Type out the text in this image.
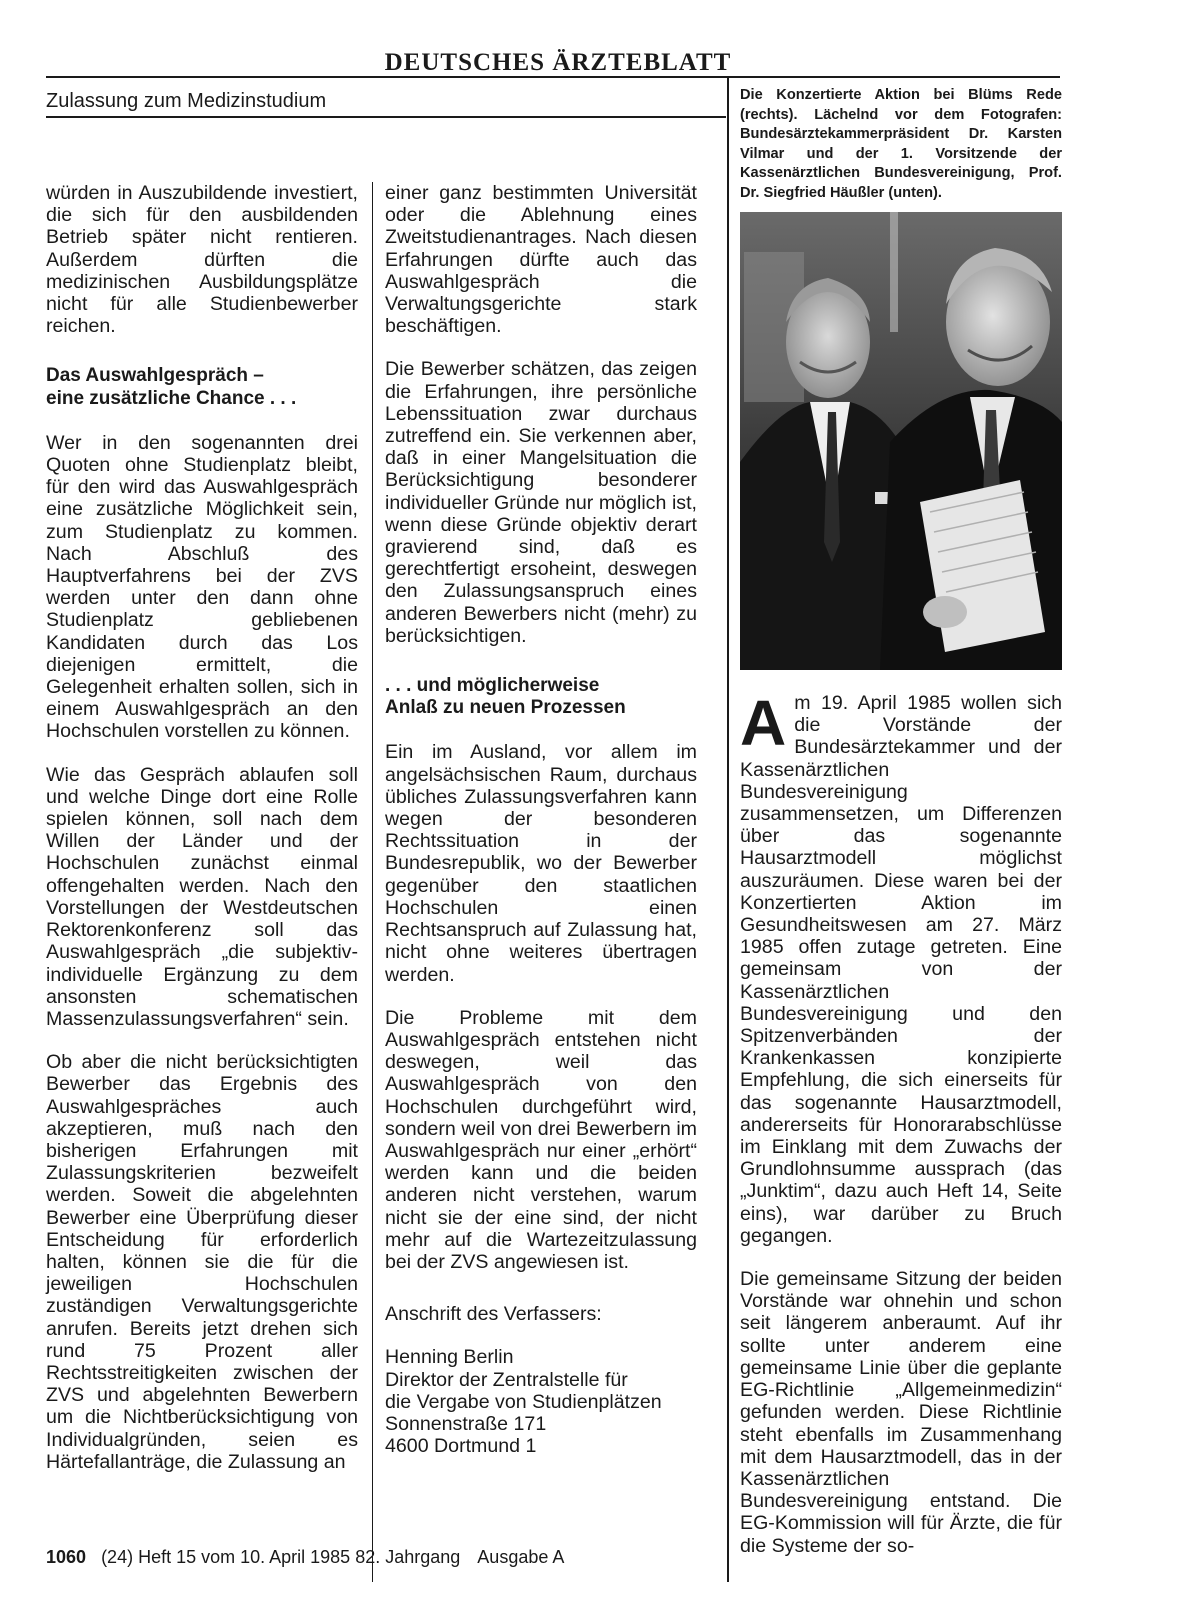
DEUTSCHES ÄRZTEBLATT
Zulassung zum Medizinstudium

würden in Auszubildende investiert, die sich für den ausbildenden Betrieb später nicht rentieren. Außerdem dürften die medizinischen Ausbildungsplätze nicht für alle Studienbewerber reichen.

Das Auswahlgespräch –
eine zusätzliche Chance . . .

Wer in den sogenannten drei Quoten ohne Studienplatz bleibt, für den wird das Auswahlgespräch eine zusätzliche Möglichkeit sein, zum Studienplatz zu kommen. Nach Abschluß des Hauptverfahrens bei der ZVS werden unter den dann ohne Studienplatz gebliebenen Kandidaten durch das Los diejenigen ermittelt, die Gelegenheit erhalten sollen, sich in einem Auswahlgespräch an den Hochschulen vorstellen zu können.

Wie das Gespräch ablaufen soll und welche Dinge dort eine Rolle spielen können, soll nach dem Willen der Länder und der Hochschulen zunächst einmal offengehalten werden. Nach den Vorstellungen der Westdeutschen Rektorenkonferenz soll das Auswahlgespräch „die subjektiv-individuelle Ergänzung zu dem ansonsten schematischen Massenzulassungsverfahren“ sein.

Ob aber die nicht berücksichtigten Bewerber das Ergebnis des Auswahlgespräches auch akzeptieren, muß nach den bisherigen Erfahrungen mit Zulassungskriterien bezweifelt werden. Soweit die abgelehnten Bewerber eine Überprüfung dieser Entscheidung für erforderlich halten, können sie die für die jeweiligen Hochschulen zuständigen Verwaltungsgerichte anrufen. Bereits jetzt drehen sich rund 75 Prozent aller Rechtsstreitigkeiten zwischen der ZVS und abgelehnten Bewerbern um die Nichtberücksichtigung von Individualgründen, seien es Härtefallanträge, die Zulassung an

einer ganz bestimmten Universität oder die Ablehnung eines Zweitstudienantrages. Nach diesen Erfahrungen dürfte auch das Auswahlgespräch die Verwaltungsgerichte stark beschäftigen.

Die Bewerber schätzen, das zeigen die Erfahrungen, ihre persönliche Lebenssituation zwar durchaus zutreffend ein. Sie verkennen aber, daß in einer Mangelsituation die Berücksichtigung besonderer individueller Gründe nur möglich ist, wenn diese Gründe objektiv derart gravierend sind, daß es gerechtfertigt ersoheint, deswegen den Zulassungsanspruch eines anderen Bewerbers nicht (mehr) zu berücksichtigen.

. . . und möglicherweise
Anlaß zu neuen Prozessen

Ein im Ausland, vor allem im angelsächsischen Raum, durchaus übliches Zulassungsverfahren kann wegen der besonderen Rechtssituation in der Bundesrepublik, wo der Bewerber gegenüber den staatlichen Hochschulen einen Rechtsanspruch auf Zulassung hat, nicht ohne weiteres übertragen werden.

Die Probleme mit dem Auswahlgespräch entstehen nicht deswegen, weil das Auswahlgespräch von den Hochschulen durchgeführt wird, sondern weil von drei Bewerbern im Auswahlgespräch nur einer „erhört“ werden kann und die beiden anderen nicht verstehen, warum nicht sie der eine sind, der nicht mehr auf die Wartezeitzulassung bei der ZVS angewiesen ist.

Anschrift des Verfassers:

Henning Berlin
Direktor der Zentralstelle für
die Vergabe von Studienplätzen
Sonnenstraße 171
4600 Dortmund 1
Die Konzertierte Aktion bei Blüms Rede (rechts). Lächelnd vor dem Fotografen: Bundesärztekammerpräsident Dr. Karsten Vilmar und der 1. Vorsitzende der Kassenärztlichen Bundesvereinigung, Prof. Dr. Siegfried Häußler (unten).

A m 19. April 1985 wollen sich die Vorstände der Bundesärztekammer und der Kassenärztlichen Bundesvereinigung zusammensetzen, um Differenzen über das sogenannte Hausarztmodell möglichst auszuräumen. Diese waren bei der Konzertierten Aktion im Gesundheitswesen am 27. März 1985 offen zutage getreten. Eine gemeinsam von der Kassenärztlichen Bundesvereinigung und den Spitzenverbänden der Krankenkassen konzipierte Empfehlung, die sich einerseits für das sogenannte Hausarztmodell, andererseits für Honorarabschlüsse im Einklang mit dem Zuwachs der Grundlohnsumme aussprach (das „Junktim“, dazu auch Heft 14, Seite eins), war darüber zu Bruch gegangen.

Die gemeinsame Sitzung der beiden Vorstände war ohnehin und schon seit längerem anberaumt. Auf ihr sollte unter anderem eine gemeinsame Linie über die geplante EG-Richtlinie „Allgemeinmedizin“ gefunden werden. Diese Richtlinie steht ebenfalls im Zusammenhang mit dem Hausarztmodell, das in der Kassenärztlichen Bundesvereinigung entstand. Die EG-Kommission will für Ärzte, die für die Systeme der so-

1060 (24) Heft 15 vom 10. April 1985 82. Jahrgang Ausgabe A
